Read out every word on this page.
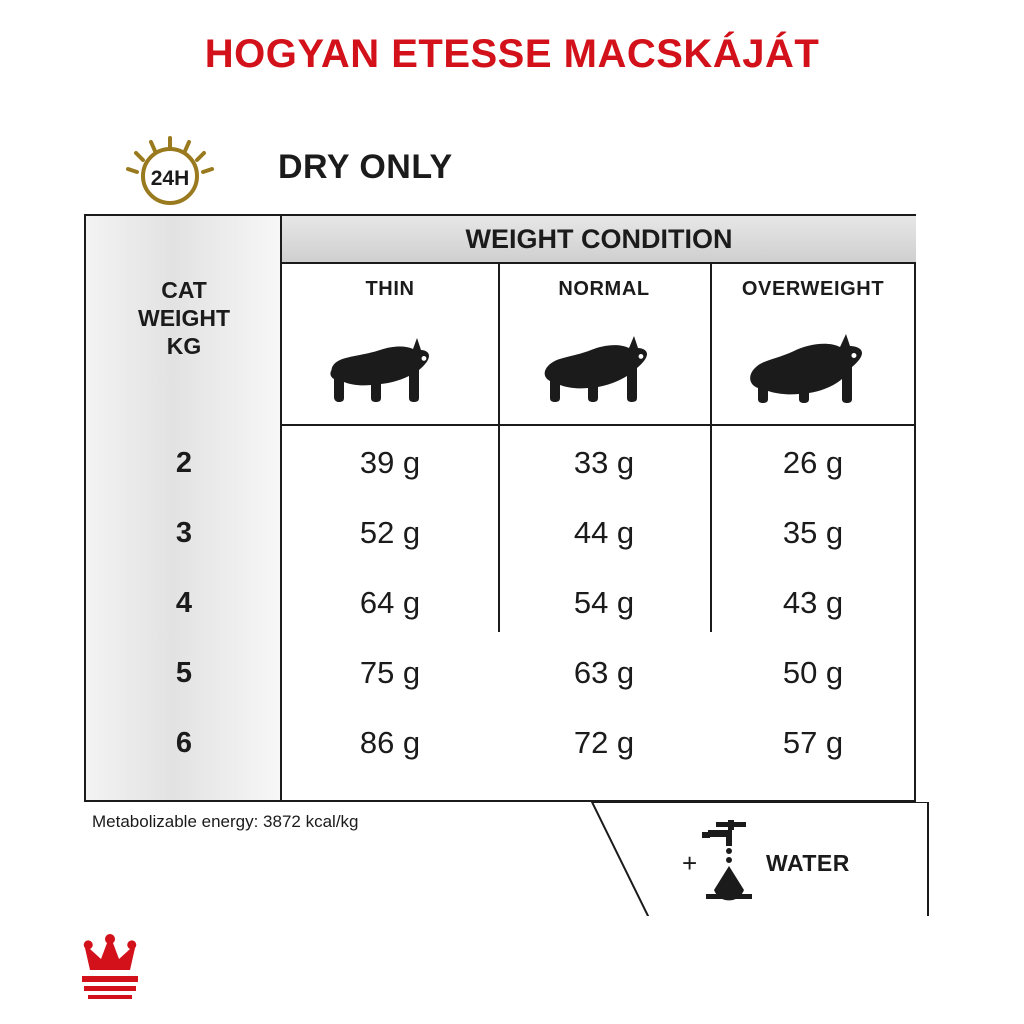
HOGYAN ETESSE MACSKÁJÁT
24H	DRY ONLY
WEIGHT CONDITION
CAT
WEIGHT
KG
THIN	NORMAL	OVERWEIGHT
2	39 g	33 g	26 g
3	52 g	44 g	35 g
4	64 g	54 g	43 g
5	75 g	63 g	50 g
6	86 g	72 g	57 g
Metabolizable energy: 3872 kcal/kg
+	WATER
